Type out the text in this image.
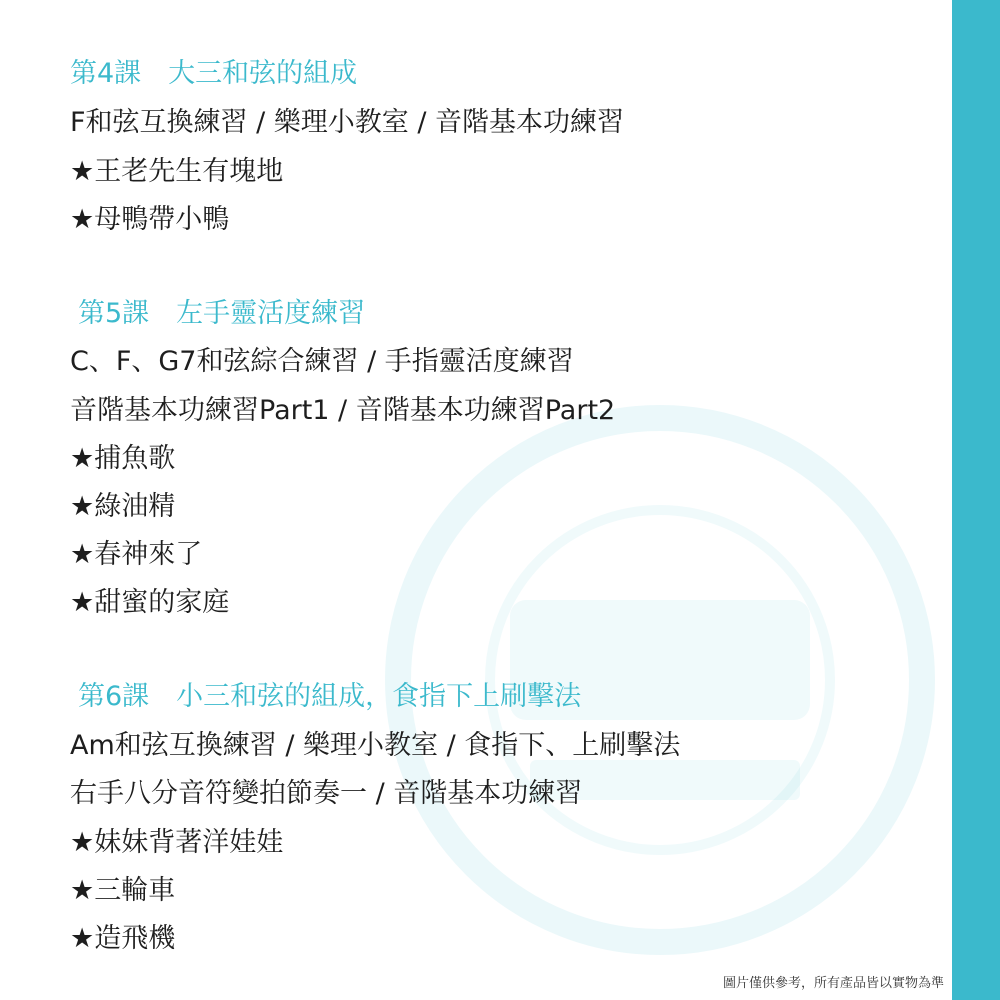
第4課　大三和弦的組成
F和弦互換練習 / 樂理小教室 / 音階基本功練習
★王老先生有塊地
★母鴨帶小鴨
第5課　左手靈活度練習
C、F、G7和弦綜合練習 / 手指靈活度練習
音階基本功練習Part1 / 音階基本功練習Part2
★捕魚歌
★綠油精
★春神來了
★甜蜜的家庭
第6課　小三和弦的組成，食指下上刷擊法
Am和弦互換練習 / 樂理小教室 / 食指下、上刷擊法
右手八分音符變拍節奏一 / 音階基本功練習
★妹妹背著洋娃娃
★三輪車
★造飛機
圖片僅供參考，所有產品皆以實物為準
